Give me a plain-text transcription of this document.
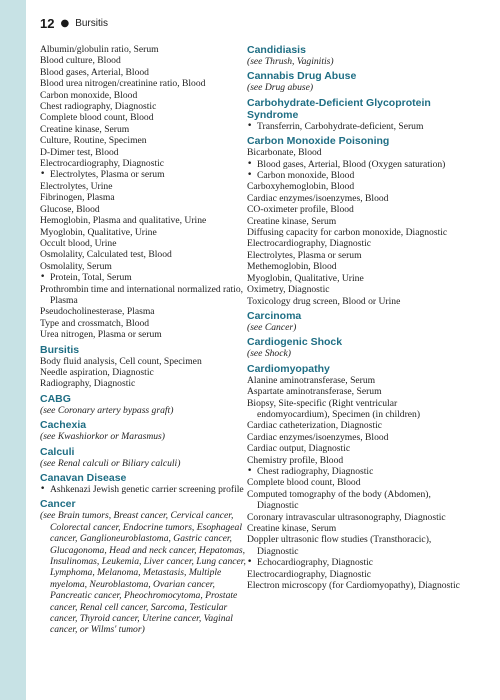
12 ● Bursitis
Albumin/globulin ratio, Serum
Blood culture, Blood
Blood gases, Arterial, Blood
Blood urea nitrogen/creatinine ratio, Blood
Carbon monoxide, Blood
Chest radiography, Diagnostic
Complete blood count, Blood
Creatine kinase, Serum
Culture, Routine, Specimen
D-Dimer test, Blood
Electrocardiography, Diagnostic
• Electrolytes, Plasma or serum
Electrolytes, Urine
Fibrinogen, Plasma
Glucose, Blood
Hemoglobin, Plasma and qualitative, Urine
Myoglobin, Qualitative, Urine
Occult blood, Urine
Osmolality, Calculated test, Blood
Osmolality, Serum
• Protein, Total, Serum
Prothrombin time and international normalized ratio, Plasma
Pseudocholinesterase, Plasma
Type and crossmatch, Blood
Urea nitrogen, Plasma or serum
Bursitis
Body fluid analysis, Cell count, Specimen
Needle aspiration, Diagnostic
Radiography, Diagnostic
CABG
(see Coronary artery bypass graft)
Cachexia
(see Kwashiorkor or Marasmus)
Calculi
(see Renal calculi or Biliary calculi)
Canavan Disease
• Ashkenazi Jewish genetic carrier screening profile
Cancer
(see Brain tumors, Breast cancer, Cervical cancer, Colorectal cancer, Endocrine tumors, Esophageal cancer, Ganglioneuroblastoma, Gastric cancer, Glucagonoma, Head and neck cancer, Hepatomas, Insulinomas, Leukemia, Liver cancer, Lung cancer, Lymphoma, Melanoma, Metastasis, Multiple myeloma, Neuroblastoma, Ovarian cancer, Pancreatic cancer, Pheochromocytoma, Prostate cancer, Renal cell cancer, Sarcoma, Testicular cancer, Thyroid cancer, Uterine cancer, Vaginal cancer, or Wilms' tumor)
Candidiasis
(see Thrush, Vaginitis)
Cannabis Drug Abuse
(see Drug abuse)
Carbohydrate-Deficient Glycoprotein Syndrome
• Transferrin, Carbohydrate-deficient, Serum
Carbon Monoxide Poisoning
Bicarbonate, Blood
• Blood gases, Arterial, Blood (Oxygen saturation)
• Carbon monoxide, Blood
Carboxyhemoglobin, Blood
Cardiac enzymes/isoenzymes, Blood
CO-oximeter profile, Blood
Creatine kinase, Serum
Diffusing capacity for carbon monoxide, Diagnostic
Electrocardiography, Diagnostic
Electrolytes, Plasma or serum
Methemoglobin, Blood
Myoglobin, Qualitative, Urine
Oximetry, Diagnostic
Toxicology drug screen, Blood or Urine
Carcinoma
(see Cancer)
Cardiogenic Shock
(see Shock)
Cardiomyopathy
Alanine aminotransferase, Serum
Aspartate aminotransferase, Serum
Biopsy, Site-specific (Right ventricular endomyocardium), Specimen (in children)
Cardiac catheterization, Diagnostic
Cardiac enzymes/isoenzymes, Blood
Cardiac output, Diagnostic
Chemistry profile, Blood
• Chest radiography, Diagnostic
Complete blood count, Blood
Computed tomography of the body (Abdomen), Diagnostic
Coronary intravascular ultrasonography, Diagnostic
Creatine kinase, Serum
Doppler ultrasonic flow studies (Transthoracic), Diagnostic
• Echocardiography, Diagnostic
Electrocardiography, Diagnostic
Electron microscopy (for Cardiomyopathy), Diagnostic
